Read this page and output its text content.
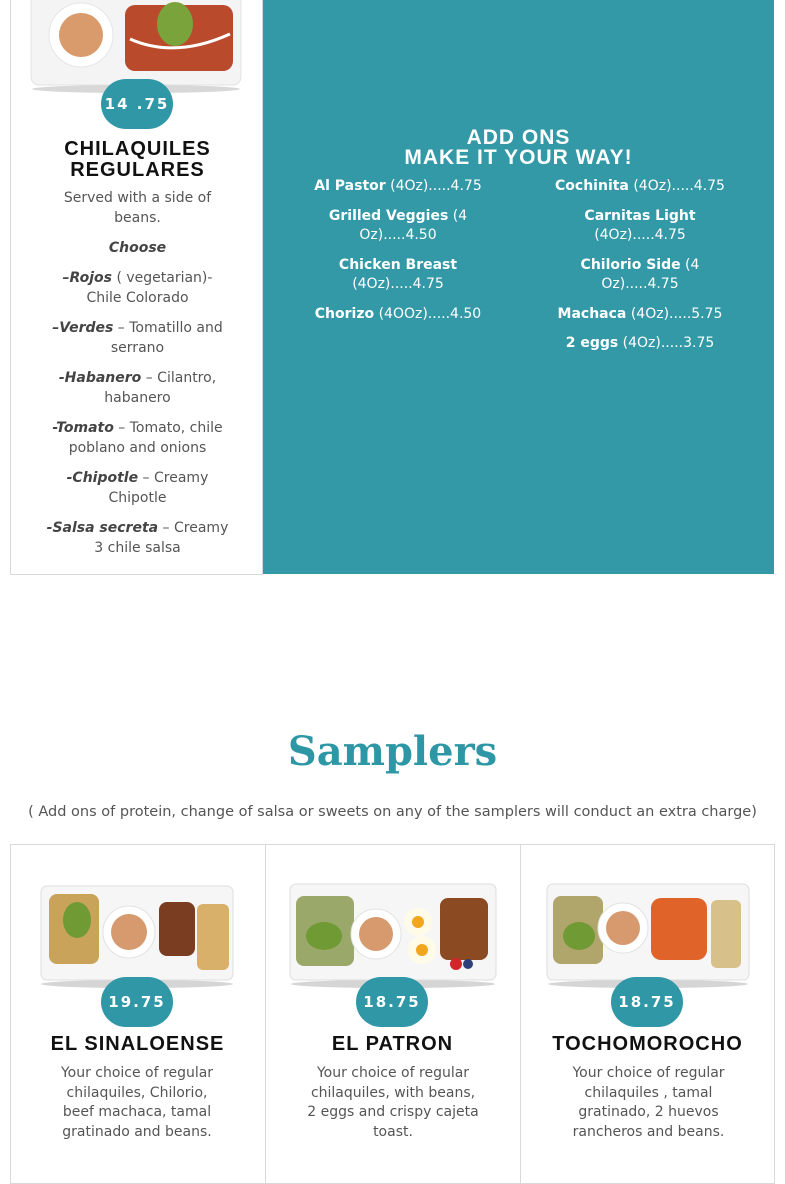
14 .75
CHILAQUILES
REGULARES
Served with a side of beans.
Choose
–Rojos ( vegetarian)- Chile Colorado
–Verdes – Tomatillo and serrano
-Habanero – Cilantro, habanero
-Tomato – Tomato, chile poblano and onions
-Chipotle – Creamy Chipotle
-Salsa secreta – Creamy 3 chile salsa
ADD ONS
MAKE IT YOUR WAY!
Al Pastor (4Oz).....4.75
Grilled Veggies (4 Oz).....4.50
Chicken Breast (4Oz).....4.75
Chorizo (4OOz).....4.50
Cochinita (4Oz).....4.75
Carnitas Light (4Oz).....4.75
Chilorio Side (4 Oz).....4.75
Machaca (4Oz).....5.75
2 eggs (4Oz).....3.75
Samplers
( Add ons of protein, change of salsa or sweets on any of the samplers will conduct an extra charge)
19.75
EL SINALOENSE
Your choice of regular chilaquiles, Chilorio, beef machaca, tamal gratinado and beans.
18.75
EL PATRON
Your choice of regular chilaquiles, with beans, 2 eggs and crispy cajeta toast.
18.75
TOCHOMOROCHO
Your choice of regular chilaquiles , tamal gratinado, 2 huevos rancheros and beans.
